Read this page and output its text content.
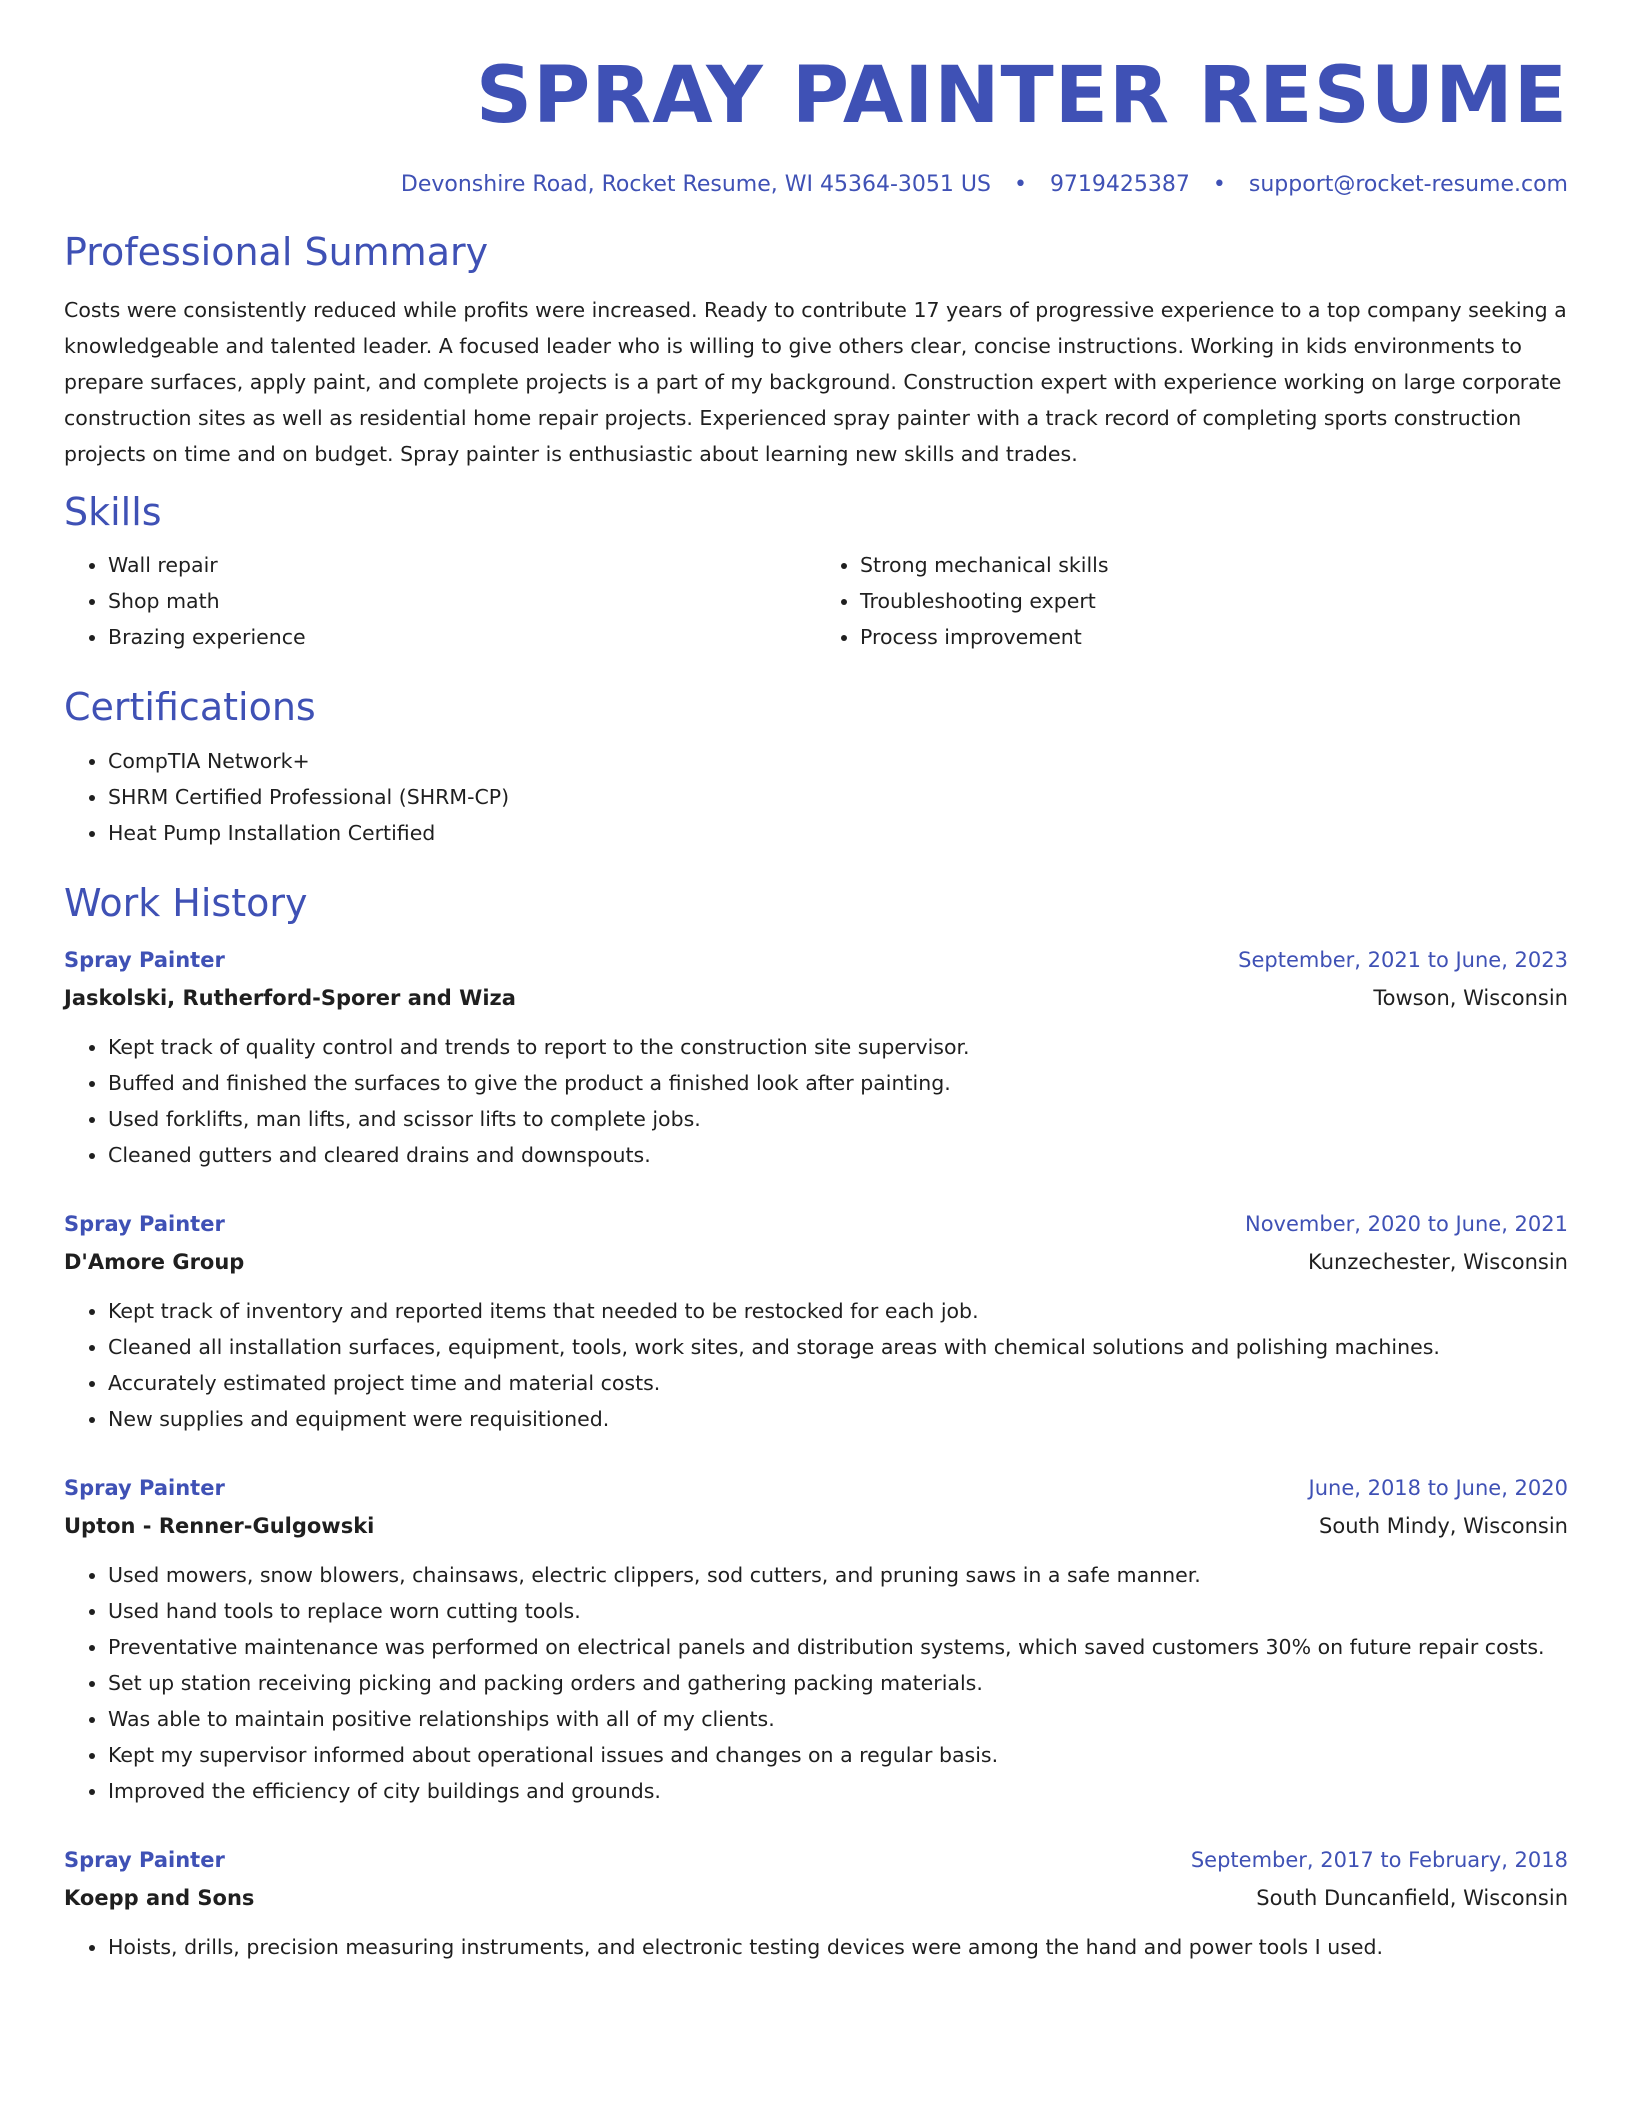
SPRAY PAINTER RESUME
Devonshire Road, Rocket Resume, WI 45364-3051 US • 9719425387 • support@rocket-resume.com
Professional Summary

Costs were consistently reduced while profits were increased. Ready to contribute 17 years of progressive experience to a top company seeking a knowledgeable and talented leader. A focused leader who is willing to give others clear, concise instructions. Working in kids environments to prepare surfaces, apply paint, and complete projects is a part of my background. Construction expert with experience working on large corporate construction sites as well as residential home repair projects. Experienced spray painter with a track record of completing sports construction projects on time and on budget. Spray painter is enthusiastic about learning new skills and trades.

Skills
• Wall repair
• Shop math
• Brazing experience
• Strong mechanical skills
• Troubleshooting expert
• Process improvement
Certifications
• CompTIA Network+
• SHRM Certified Professional (SHRM-CP)
• Heat Pump Installation Certified
Work History
Spray Painter	September, 2021 to June, 2023
Jaskolski, Rutherford-Sporer and Wiza	Towson, Wisconsin
• Kept track of quality control and trends to report to the construction site supervisor.
• Buffed and finished the surfaces to give the product a finished look after painting.
• Used forklifts, man lifts, and scissor lifts to complete jobs.
• Cleaned gutters and cleared drains and downspouts.
Spray Painter	November, 2020 to June, 2021
D'Amore Group	Kunzechester, Wisconsin
• Kept track of inventory and reported items that needed to be restocked for each job.
• Cleaned all installation surfaces, equipment, tools, work sites, and storage areas with chemical solutions and polishing machines.
• Accurately estimated project time and material costs.
• New supplies and equipment were requisitioned.
Spray Painter	June, 2018 to June, 2020
Upton - Renner-Gulgowski	South Mindy, Wisconsin
• Used mowers, snow blowers, chainsaws, electric clippers, sod cutters, and pruning saws in a safe manner.
• Used hand tools to replace worn cutting tools.
• Preventative maintenance was performed on electrical panels and distribution systems, which saved customers 30% on future repair costs.
• Set up station receiving picking and packing orders and gathering packing materials.
• Was able to maintain positive relationships with all of my clients.
• Kept my supervisor informed about operational issues and changes on a regular basis.
• Improved the efficiency of city buildings and grounds.
Spray Painter	September, 2017 to February, 2018
Koepp and Sons	South Duncanfield, Wisconsin
• Hoists, drills, precision measuring instruments, and electronic testing devices were among the hand and power tools I used.
